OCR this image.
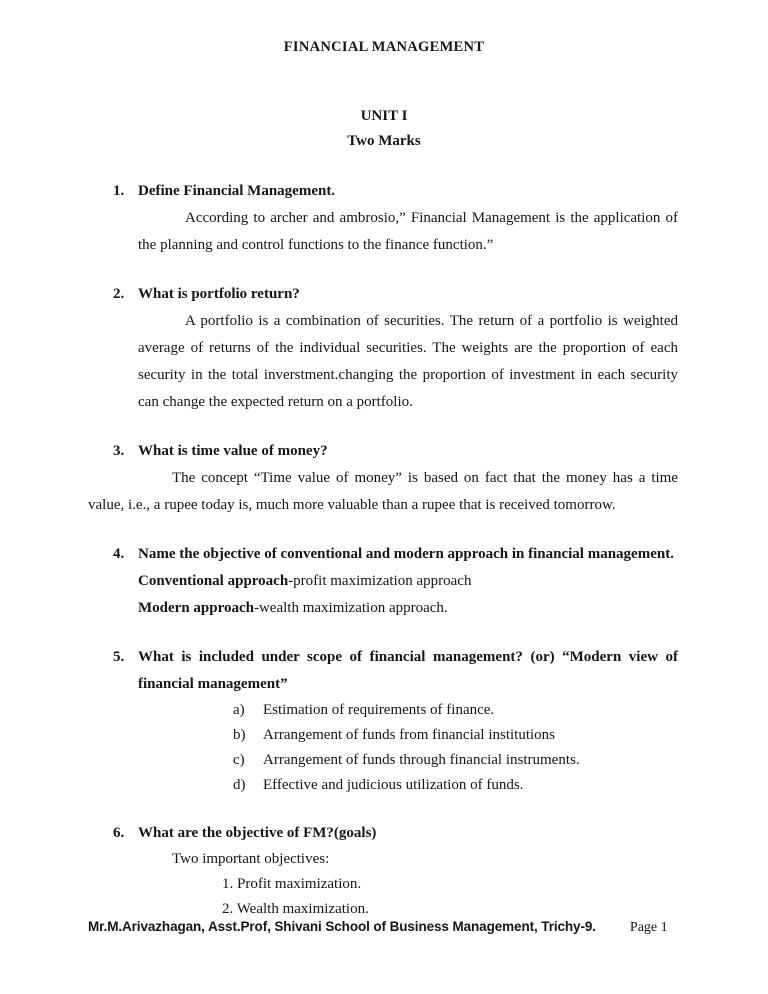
FINANCIAL MANAGEMENT
UNIT I
Two Marks
1. Define Financial Management.
According to archer and ambrosio,” Financial Management is the application of the planning and control functions to the finance function.”
2. What is portfolio return?
A portfolio is a combination of securities. The return of a portfolio is weighted average of returns of the individual securities. The weights are the proportion of each security in the total inverstment.changing the proportion of investment in each security can change the expected return on a portfolio.
3. What is time value of money?
The concept “Time value of money” is based on fact that the money has a time value, i.e., a rupee today is, much more valuable than a rupee that is received tomorrow.
4. Name the objective of conventional and modern approach in financial management.
Conventional approach-profit maximization approach
Modern approach-wealth maximization approach.
5. What is included under scope of financial management? (or) “Modern view of financial management”
a) Estimation of requirements of finance.
b) Arrangement of funds from financial institutions
c) Arrangement of funds through financial instruments.
d) Effective and judicious utilization of funds.
6. What are the objective of FM?(goals)
Two important objectives:
1. Profit maximization.
2. Wealth maximization.
Mr.M.Arivazhagan, Asst.Prof, Shivani School of Business Management, Trichy-9. Page 1
